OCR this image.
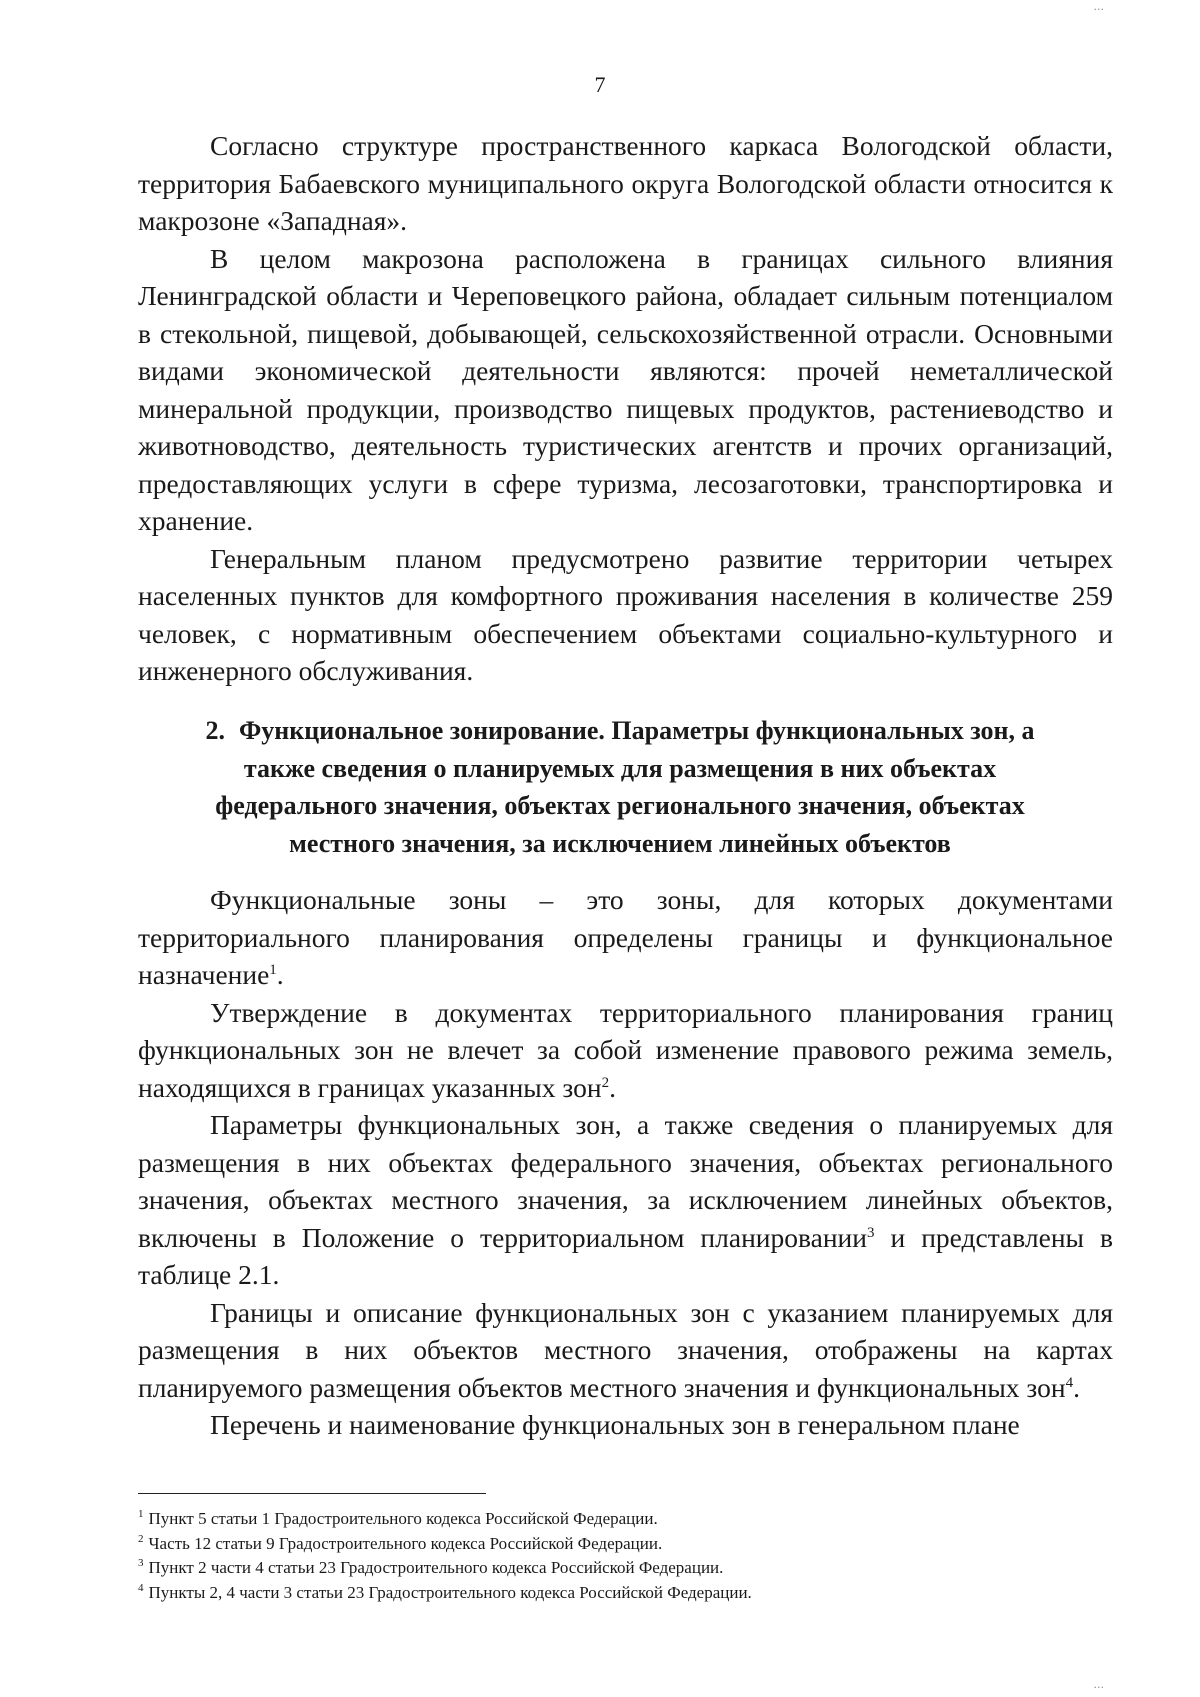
...
7

Согласно структуре пространственного каркаса Вологодской области, территория Бабаевского муниципального округа Вологодской области относится к макрозоне «Западная».

В целом макрозона расположена в границах сильного влияния Ленинградской области и Череповецкого района, обладает сильным потенциалом в стекольной, пищевой, добывающей, сельскохозяйственной отрасли. Основными видами экономической деятельности являются: прочей неметаллической минеральной продукции, производство пищевых продуктов, растениеводство и животноводство, деятельность туристических агентств и прочих организаций, предоставляющих услуги в сфере туризма, лесозаготовки, транспортировка и хранение.

Генеральным планом предусмотрено развитие территории четырех населенных пунктов для комфортного проживания населения в количестве 259 человек, с нормативным обеспечением объектами социально-культурного и инженерного обслуживания.

2. Функциональное зонирование. Параметры функциональных зон, а также сведения о планируемых для размещения в них объектах федерального значения, объектах регионального значения, объектах местного значения, за исключением линейных объектов

Функциональные зоны – это зоны, для которых документами территориального планирования определены границы и функциональное назначение$^1$.

Утверждение в документах территориального планирования границ функциональных зон не влечет за собой изменение правового режима земель, находящихся в границах указанных зон$^2$.

Параметры функциональных зон, а также сведения о планируемых для размещения в них объектах федерального значения, объектах регионального значения, объектах местного значения, за исключением линейных объектов, включены в Положение о территориальном планировании$^3$ и представлены в таблице 2.1.

Границы и описание функциональных зон с указанием планируемых для размещения в них объектов местного значения, отображены на картах планируемого размещения объектов местного значения и функциональных зон$^4$.

Перечень и наименование функциональных зон в генеральном плане

$^1$ Пункт 5 статьи 1 Градостроительного кодекса Российской Федерации.
$^2$ Часть 12 статьи 9 Градостроительного кодекса Российской Федерации.
$^3$ Пункт 2 части 4 статьи 23 Градостроительного кодекса Российской Федерации.
$^4$ Пункты 2, 4 части 3 статьи 23 Градостроительного кодекса Российской Федерации.
...
